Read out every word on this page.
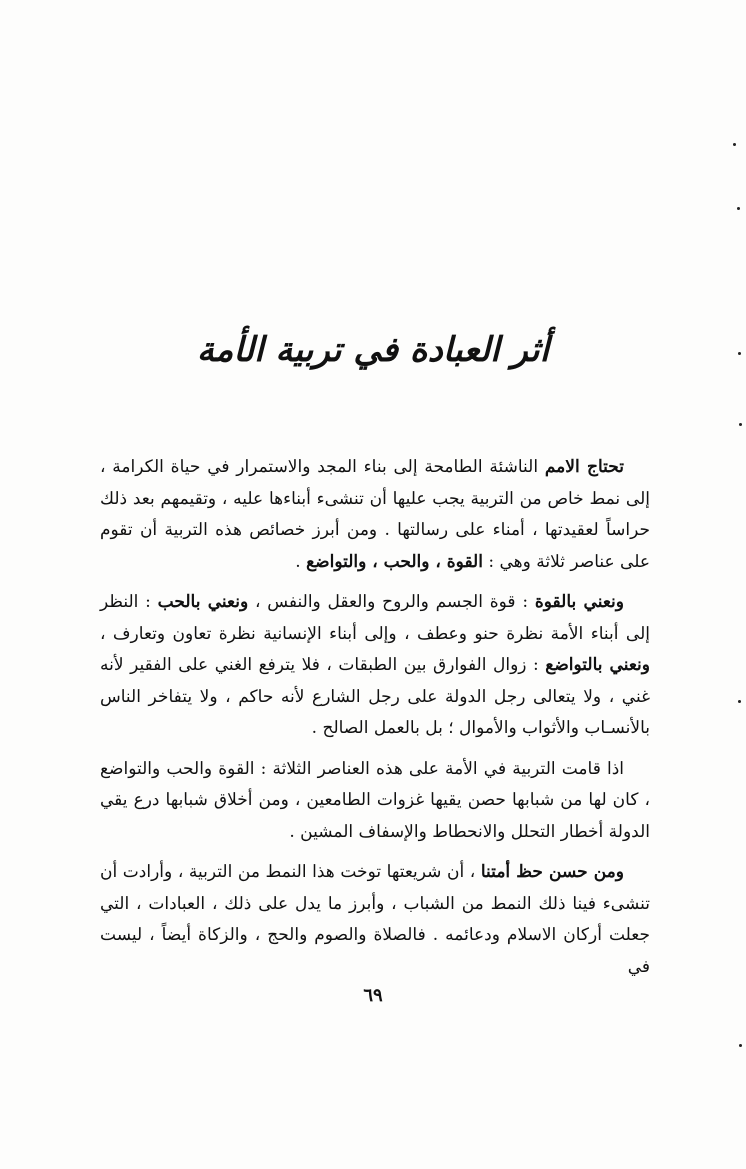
أثر العبادة في تربية الأمة

تحتاج الامم الناشئة الطامحة إلى بناء المجد والاستمرار في حياة الكرامة ، إلى نمط خاص من التربية يجب عليها أن تنشىء أبناءها عليه ، وتقيمهم بعد ذلك حراساً لعقيدتها ، أمناء على رسالتها . ومن أبرز خصائص هذه التربية أن تقوم على عناصر ثلاثة وهي : القوة ، والحب ، والتواضع .

ونعني بالقوة : قوة الجسم والروح والعقل والنفس ، ونعني بالحب : النظر إلى أبناء الأمة نظرة حنو وعطف ، وإلى أبناء الإنسانية نظرة تعاون وتعارف ، ونعني بالتواضع : زوال الفوارق بين الطبقات ، فلا يترفع الغني على الفقير لأنه غني ، ولا يتعالى رجل الدولة على رجل الشارع لأنه حاكم ، ولا يتفاخر الناس بالأنسـاب والأثواب والأموال ؛ بل بالعمل الصالح .

اذا قامت التربية في الأمة على هذه العناصر الثلاثة : القوة والحب والتواضع ، كان لها من شبابها حصن يقيها غزوات الطامعين ، ومن أخلاق شبابها درع يقي الدولة أخطار التحلل والانحطاط والإسفاف المشين .

ومن حسن حظ أمتنا ، أن شريعتها توخت هذا النمط من التربية ، وأرادت أن تنشىء فينا ذلك النمط من الشباب ، وأبرز ما يدل على ذلك ، العبادات ، التي جعلت أركان الاسلام ودعائمه . فالصلاة والصوم والحج ، والزكاة أيضاً ، ليست في

٦٩
